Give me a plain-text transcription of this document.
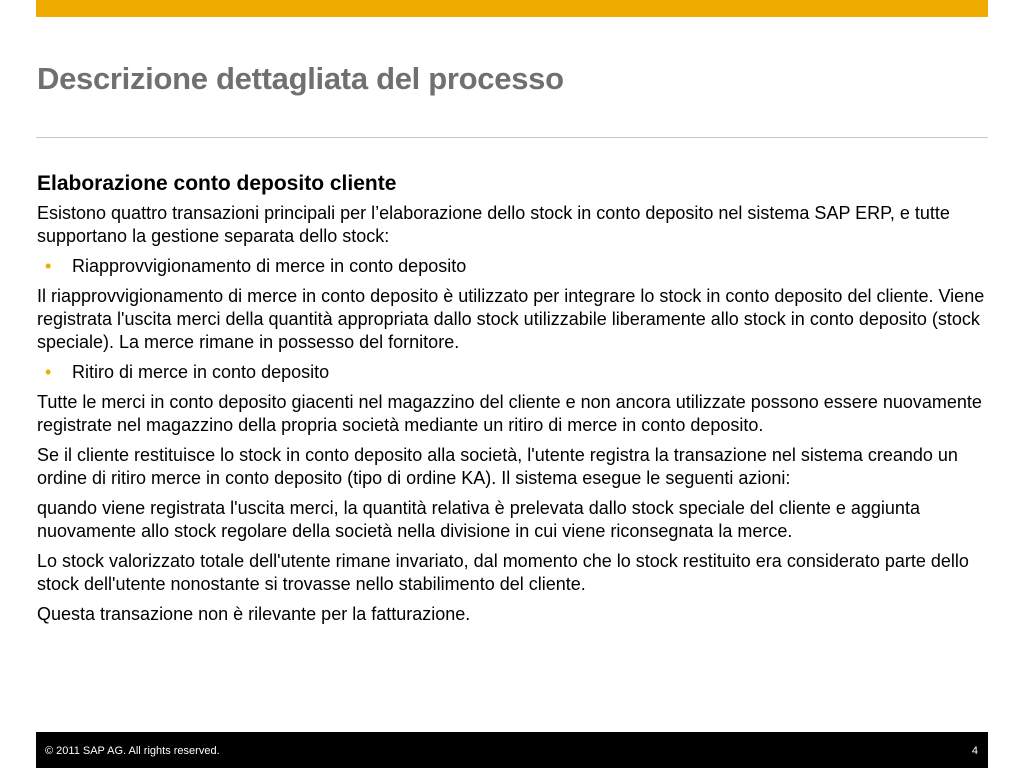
Descrizione dettagliata del processo
Elaborazione conto deposito cliente

Esistono quattro transazioni principali per l’elaborazione dello stock in conto deposito nel sistema SAP ERP, e tutte supportano la gestione separata dello stock:

• Riapprovvigionamento di merce in conto deposito

Il riapprovvigionamento di merce in conto deposito è utilizzato per integrare lo stock in conto deposito del cliente. Viene registrata l'uscita merci della quantità appropriata dallo stock utilizzabile liberamente allo stock in conto deposito (stock speciale). La merce rimane in possesso del fornitore.

• Ritiro di merce in conto deposito

Tutte le merci in conto deposito giacenti nel magazzino del cliente e non ancora utilizzate possono essere nuovamente registrate nel magazzino della propria società mediante un ritiro di merce in conto deposito.

Se il cliente restituisce lo stock in conto deposito alla società, l'utente registra la transazione nel sistema creando un ordine di ritiro merce in conto deposito (tipo di ordine KA). Il sistema esegue le seguenti azioni:

quando viene registrata l'uscita merci, la quantità relativa è prelevata dallo stock speciale del cliente e aggiunta nuovamente allo stock regolare della società nella divisione in cui viene riconsegnata la merce.

Lo stock valorizzato totale dell'utente rimane invariato, dal momento che lo stock restituito era considerato parte dello stock dell'utente nonostante si trovasse nello stabilimento del cliente.

Questa transazione non è rilevante per la fatturazione.

© 2011 SAP AG. All rights reserved.	4
